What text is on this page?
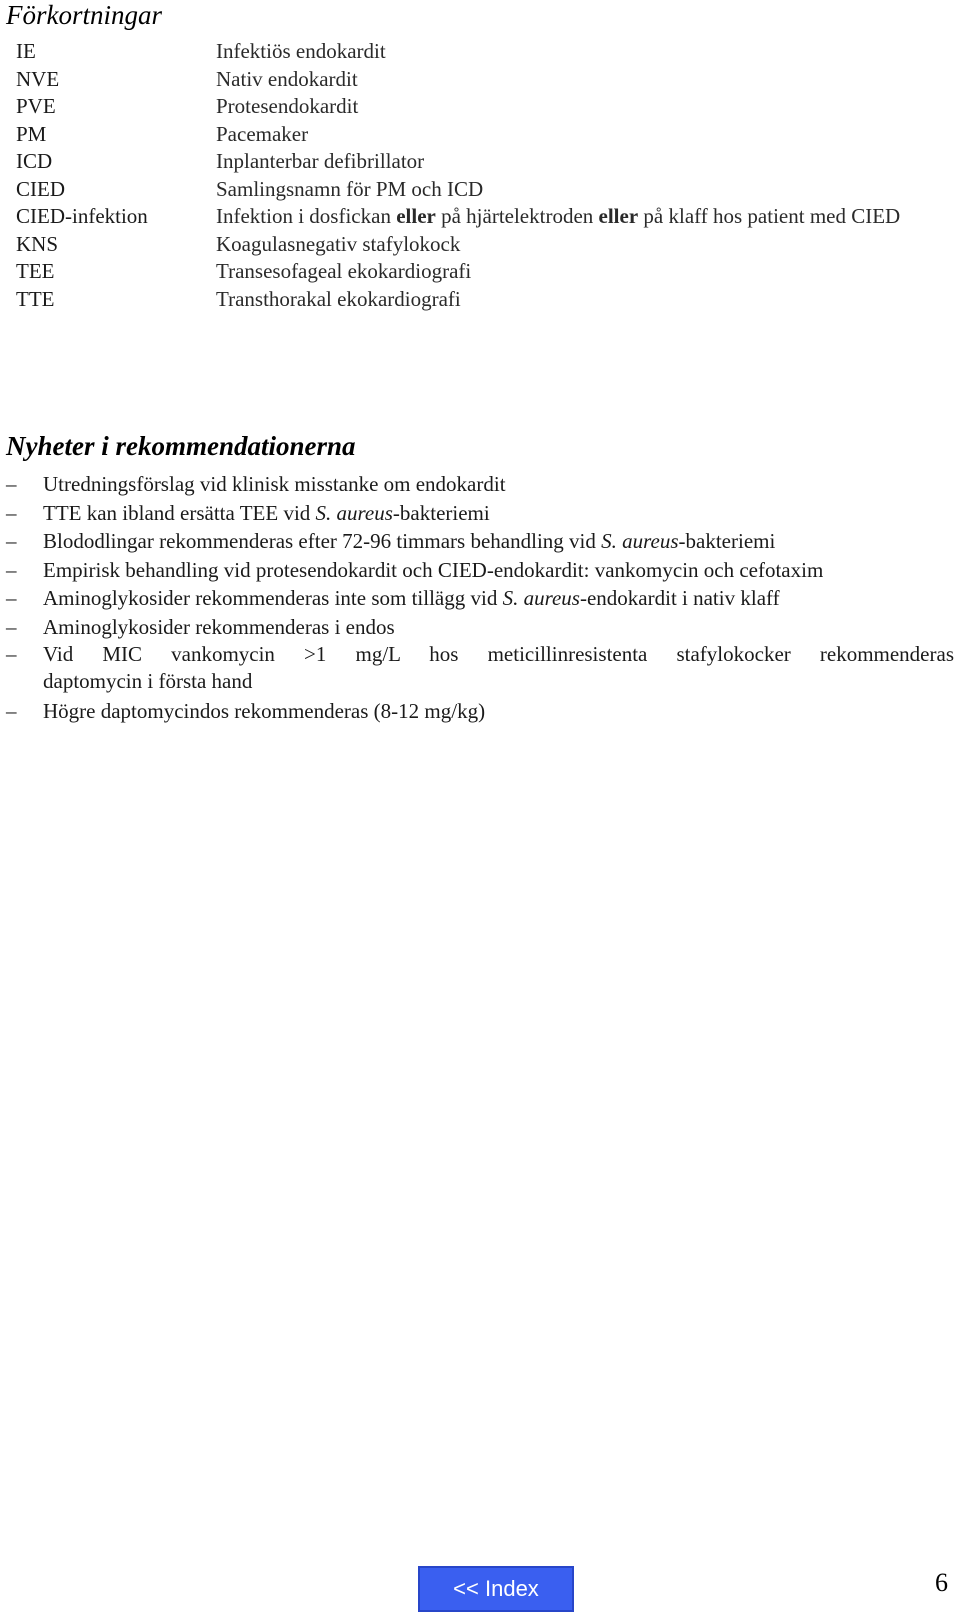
Förkortningar
IE	Infektiös endokardit
NVE	Nativ endokardit
PVE	Protesendokardit
PM	Pacemaker
ICD	Inplanterbar defibrillator
CIED	Samlingsnamn för PM och ICD
CIED-infektion	Infektion i dosfickan eller på hjärtelektroden eller på klaff hos patient med CIED
KNS	Koagulasnegativ stafylokock
TEE	Transesofageal ekokardiografi
TTE	Transthorakal ekokardiografi
Nyheter i rekommendationerna
–	Utredningsförslag vid klinisk misstanke om endokardit
–	TTE kan ibland ersätta TEE vid S. aureus-bakteriemi
–	Blododlingar rekommenderas efter 72-96 timmars behandling vid S. aureus-bakteriemi
–	Empirisk behandling vid protesendokardit och CIED-endokardit: vankomycin och cefotaxim
–	Aminoglykosider rekommenderas inte som tillägg vid S. aureus-endokardit i nativ klaff
–	Aminoglykosider rekommenderas i endos
–	Vid MIC vankomycin >1 mg/L hos meticillinresistenta stafylokocker rekommenderas
daptomycin i första hand
–	Högre daptomycindos rekommenderas (8-12 mg/kg)
<< Index	6
